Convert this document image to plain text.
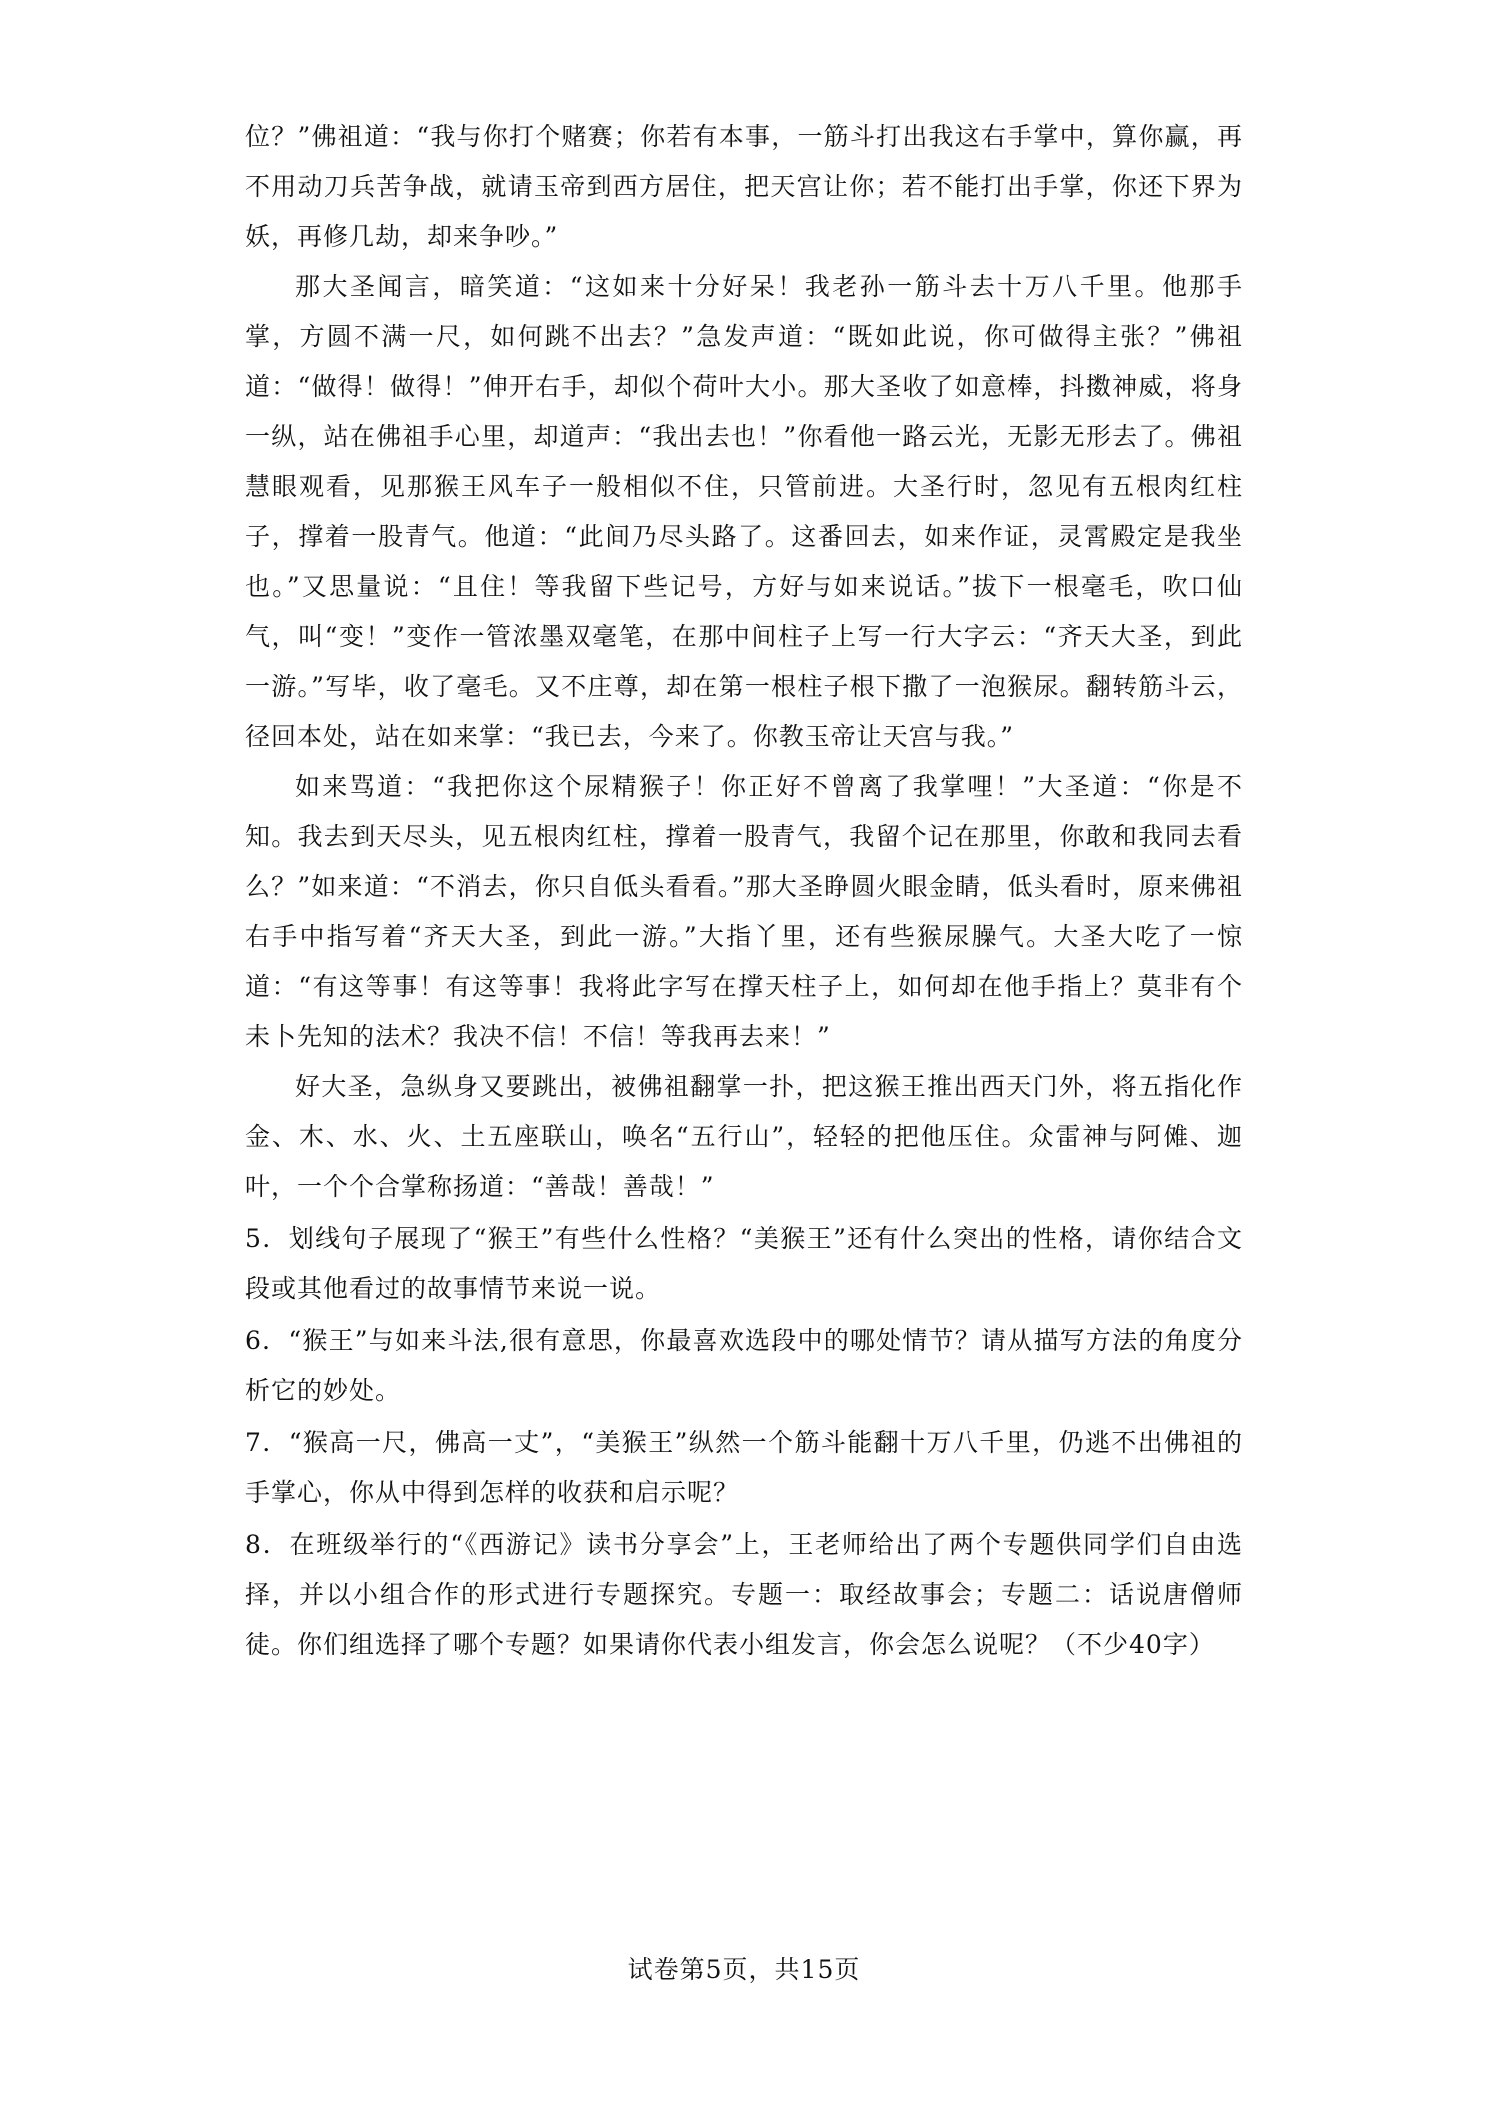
位？”佛祖道：“我与你打个赌赛；你若有本事，一筋斗打出我这右手掌中，算你赢，再不用动刀兵苦争战，就请玉帝到西方居住，把天宫让你；若不能打出手掌，你还下界为妖，再修几劫，却来争吵。”

那大圣闻言，暗笑道：“这如来十分好呆！我老孙一筋斗去十万八千里。他那手掌，方圆不满一尺，如何跳不出去？”急发声道：“既如此说，你可做得主张？”佛祖道：“做得！做得！”伸开右手，却似个荷叶大小。那大圣收了如意棒，抖擞神威，将身一纵，站在佛祖手心里，却道声：“我出去也！”你看他一路云光，无影无形去了。佛祖慧眼观看，见那猴王风车子一般相似不住，只管前进。大圣行时，忽见有五根肉红柱子，撑着一股青气。他道：“此间乃尽头路了。这番回去，如来作证，灵霄殿定是我坐也。”又思量说：“且住！等我留下些记号，方好与如来说话。”拔下一根毫毛，吹口仙气，叫“变！”变作一管浓墨双毫笔，在那中间柱子上写一行大字云：“齐天大圣，到此一游。”写毕，收了毫毛。又不庄尊，却在第一根柱子根下撒了一泡猴尿。翻转筋斗云，径回本处，站在如来掌：“我已去，今来了。你教玉帝让天宫与我。”

如来骂道：“我把你这个尿精猴子！你正好不曾离了我掌哩！”大圣道：“你是不知。我去到天尽头，见五根肉红柱，撑着一股青气，我留个记在那里，你敢和我同去看么？”如来道：“不消去，你只自低头看看。”那大圣睁圆火眼金睛，低头看时，原来佛祖右手中指写着“齐天大圣，到此一游。”大指丫里，还有些猴尿臊气。大圣大吃了一惊道：“有这等事！有这等事！我将此字写在撑天柱子上，如何却在他手指上？莫非有个未卜先知的法术？我决不信！不信！等我再去来！”

好大圣，急纵身又要跳出，被佛祖翻掌一扑，把这猴王推出西天门外，将五指化作金、木、水、火、土五座联山，唤名“五行山”，轻轻的把他压住。众雷神与阿傩、迦叶，一个个合掌称扬道：“善哉！善哉！”

5．划线句子展现了“猴王”有些什么性格？“美猴王”还有什么突出的性格，请你结合文段或其他看过的故事情节来说一说。

6．“猴王”与如来斗法,很有意思，你最喜欢选段中的哪处情节？请从描写方法的角度分析它的妙处。

7．“猴高一尺，佛高一丈”，“美猴王”纵然一个筋斗能翻十万八千里，仍逃不出佛祖的手掌心，你从中得到怎样的收获和启示呢？

8．在班级举行的“《西游记》读书分享会”上，王老师给出了两个专题供同学们自由选择，并以小组合作的形式进行专题探究。专题一：取经故事会；专题二：话说唐僧师徒。你们组选择了哪个专题？如果请你代表小组发言，你会怎么说呢？（不少40字）

试卷第5页，共15页
